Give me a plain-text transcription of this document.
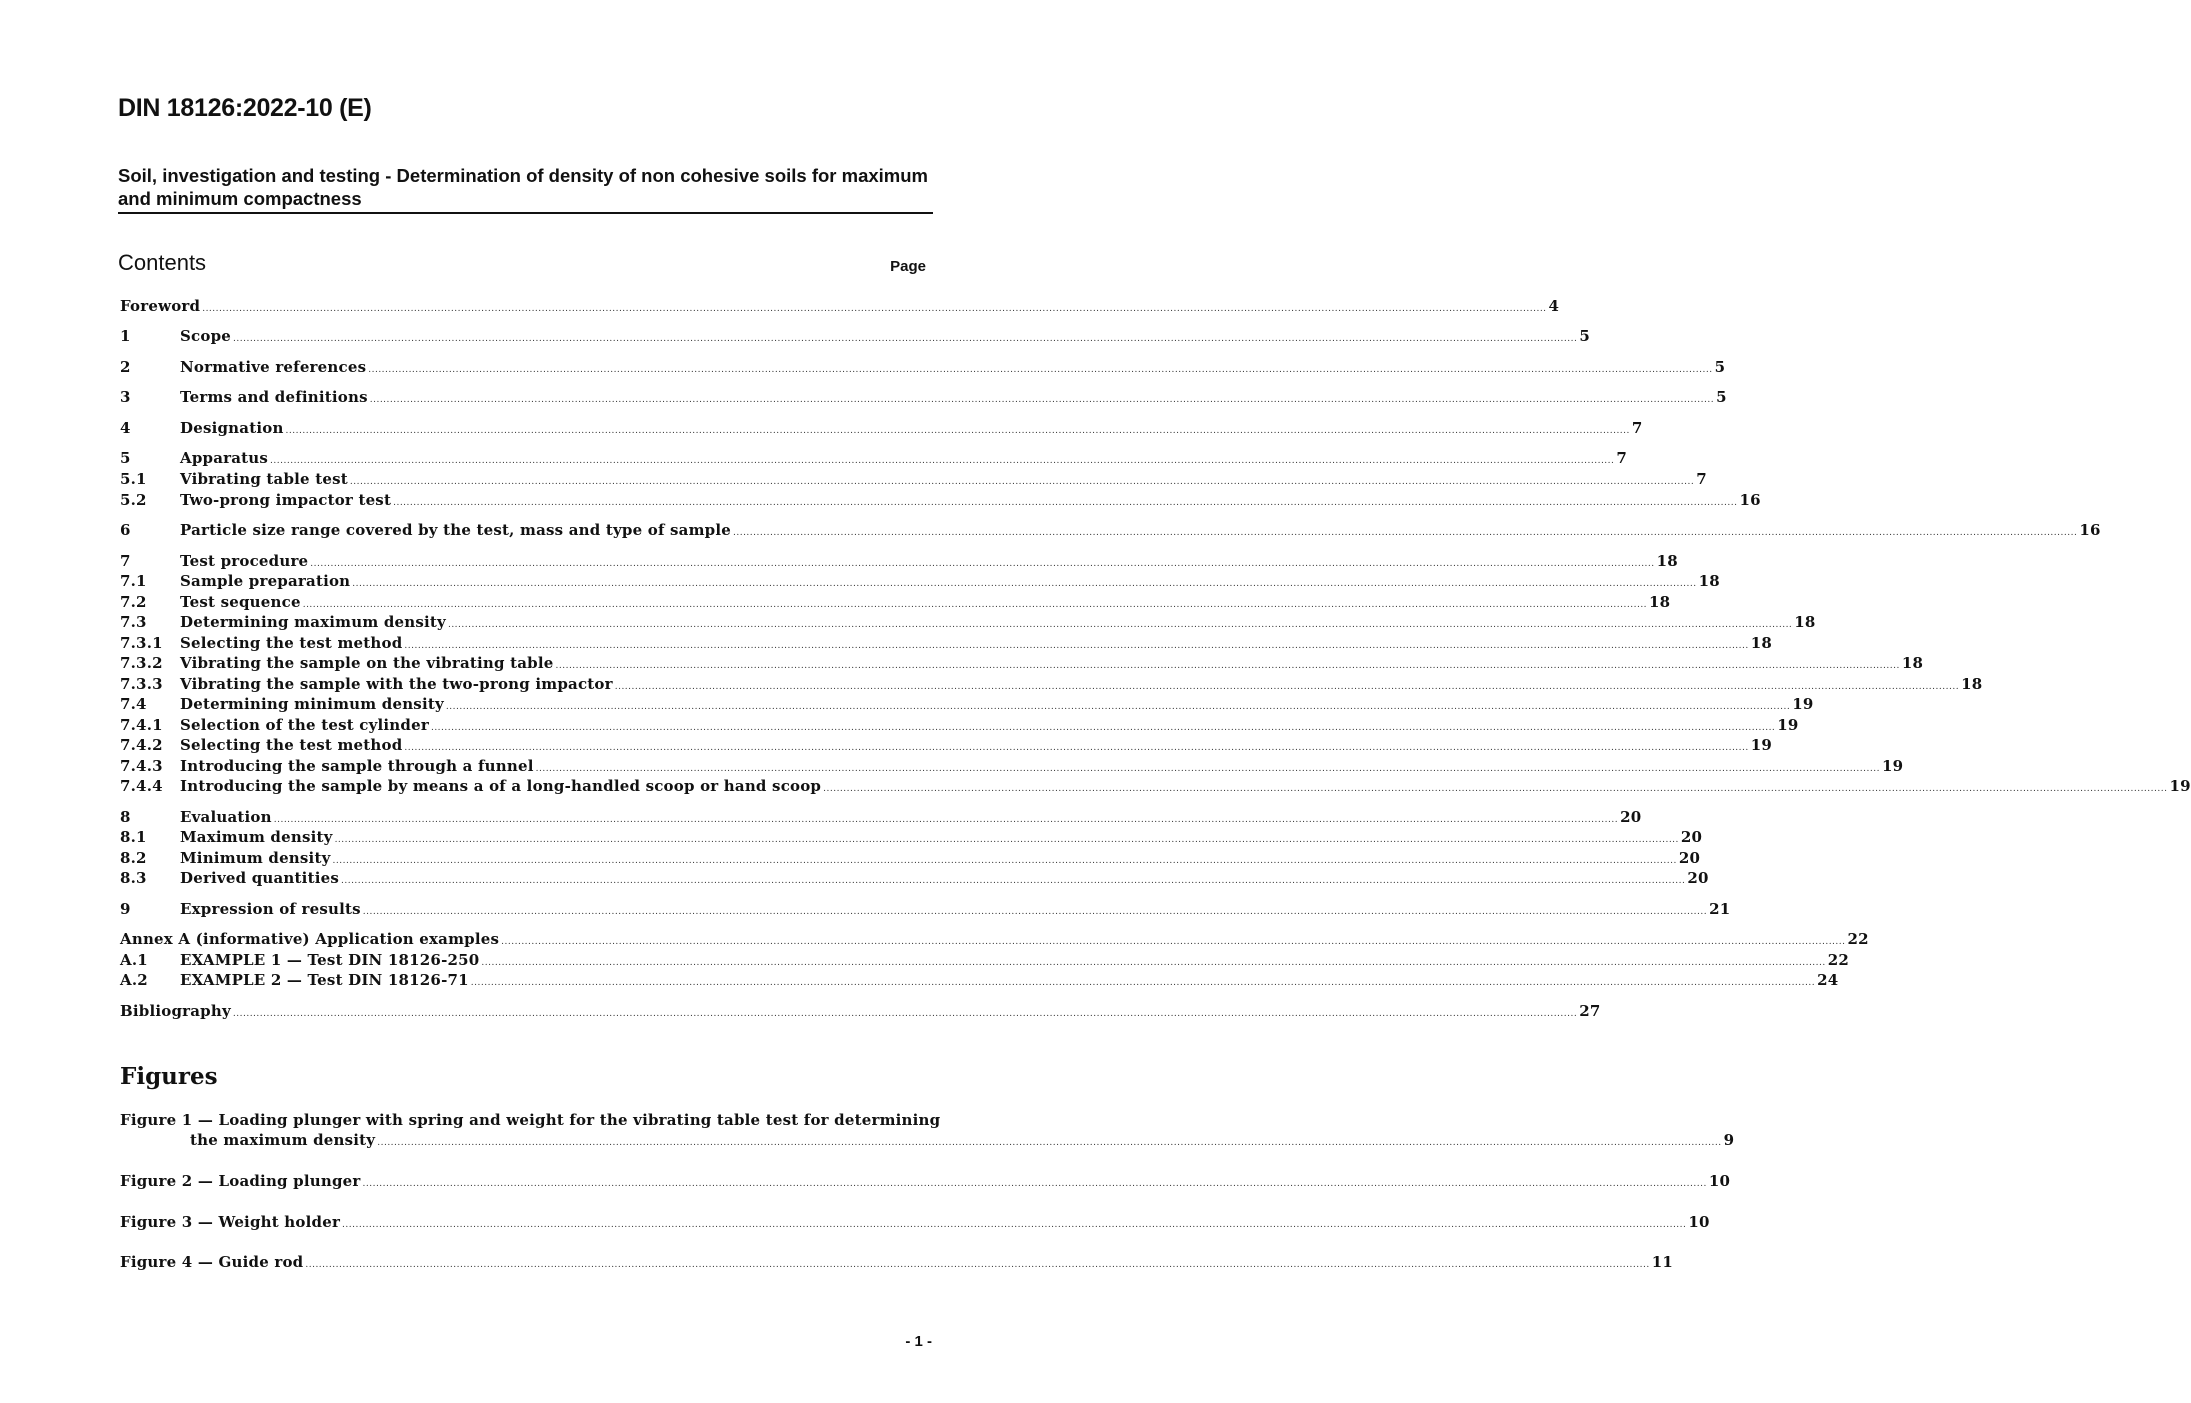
DIN 18126:2022-10 (E)
Soil, investigation and testing - Determination of density of non cohesive soils for maximum and minimum compactness
Contents	Page
Foreword ................................................................................................................................................................................................................................................................................................................................................................................................................ 4
1	Scope ................................................................................................................................................................................................................................................................................................................................................................................................................ 5
2	Normative references ................................................................................................................................................................................................................................................................................................................................................................................................................ 5
3	Terms and definitions ................................................................................................................................................................................................................................................................................................................................................................................................................ 5
4	Designation ................................................................................................................................................................................................................................................................................................................................................................................................................ 7
5	Apparatus ................................................................................................................................................................................................................................................................................................................................................................................................................ 7
5.1	Vibrating table test ................................................................................................................................................................................................................................................................................................................................................................................................................ 7
5.2	Two-prong impactor test ................................................................................................................................................................................................................................................................................................................................................................................................................ 16
6	Particle size range covered by the test, mass and type of sample ................................................................................................................................................................................................................................................................................................................................................................................................................ 16
7	Test procedure ................................................................................................................................................................................................................................................................................................................................................................................................................ 18
7.1	Sample preparation ................................................................................................................................................................................................................................................................................................................................................................................................................ 18
7.2	Test sequence ................................................................................................................................................................................................................................................................................................................................................................................................................ 18
7.3	Determining maximum density ................................................................................................................................................................................................................................................................................................................................................................................................................ 18
7.3.1	Selecting the test method ................................................................................................................................................................................................................................................................................................................................................................................................................ 18
7.3.2	Vibrating the sample on the vibrating table ................................................................................................................................................................................................................................................................................................................................................................................................................ 18
7.3.3	Vibrating the sample with the two-prong impactor ................................................................................................................................................................................................................................................................................................................................................................................................................ 18
7.4	Determining minimum density ................................................................................................................................................................................................................................................................................................................................................................................................................ 19
7.4.1	Selection of the test cylinder ................................................................................................................................................................................................................................................................................................................................................................................................................ 19
7.4.2	Selecting the test method ................................................................................................................................................................................................................................................................................................................................................................................................................ 19
7.4.3	Introducing the sample through a funnel ................................................................................................................................................................................................................................................................................................................................................................................................................ 19
7.4.4	Introducing the sample by means a of a long-handled scoop or hand scoop ................................................................................................................................................................................................................................................................................................................................................................................................................ 19
8	Evaluation ................................................................................................................................................................................................................................................................................................................................................................................................................ 20
8.1	Maximum density ................................................................................................................................................................................................................................................................................................................................................................................................................ 20
8.2	Minimum density ................................................................................................................................................................................................................................................................................................................................................................................................................ 20
8.3	Derived quantities ................................................................................................................................................................................................................................................................................................................................................................................................................ 20
9	Expression of results ................................................................................................................................................................................................................................................................................................................................................................................................................ 21
Annex A (informative) Application examples ................................................................................................................................................................................................................................................................................................................................................................................................................ 22
A.1	EXAMPLE 1 — Test DIN 18126-250 ................................................................................................................................................................................................................................................................................................................................................................................................................ 22
A.2	EXAMPLE 2 — Test DIN 18126-71 ................................................................................................................................................................................................................................................................................................................................................................................................................ 24
Bibliography ................................................................................................................................................................................................................................................................................................................................................................................................................ 27
Figures
Figure 1 — Loading plunger with spring and weight for the vibrating table test for determining
the maximum density ................................................................................................................................................................................................................................................................................................................................................................................................................ 9
Figure 2 — Loading plunger ................................................................................................................................................................................................................................................................................................................................................................................................................ 10
Figure 3 — Weight holder ................................................................................................................................................................................................................................................................................................................................................................................................................ 10
Figure 4 — Guide rod ................................................................................................................................................................................................................................................................................................................................................................................................................ 11
- 1 -
